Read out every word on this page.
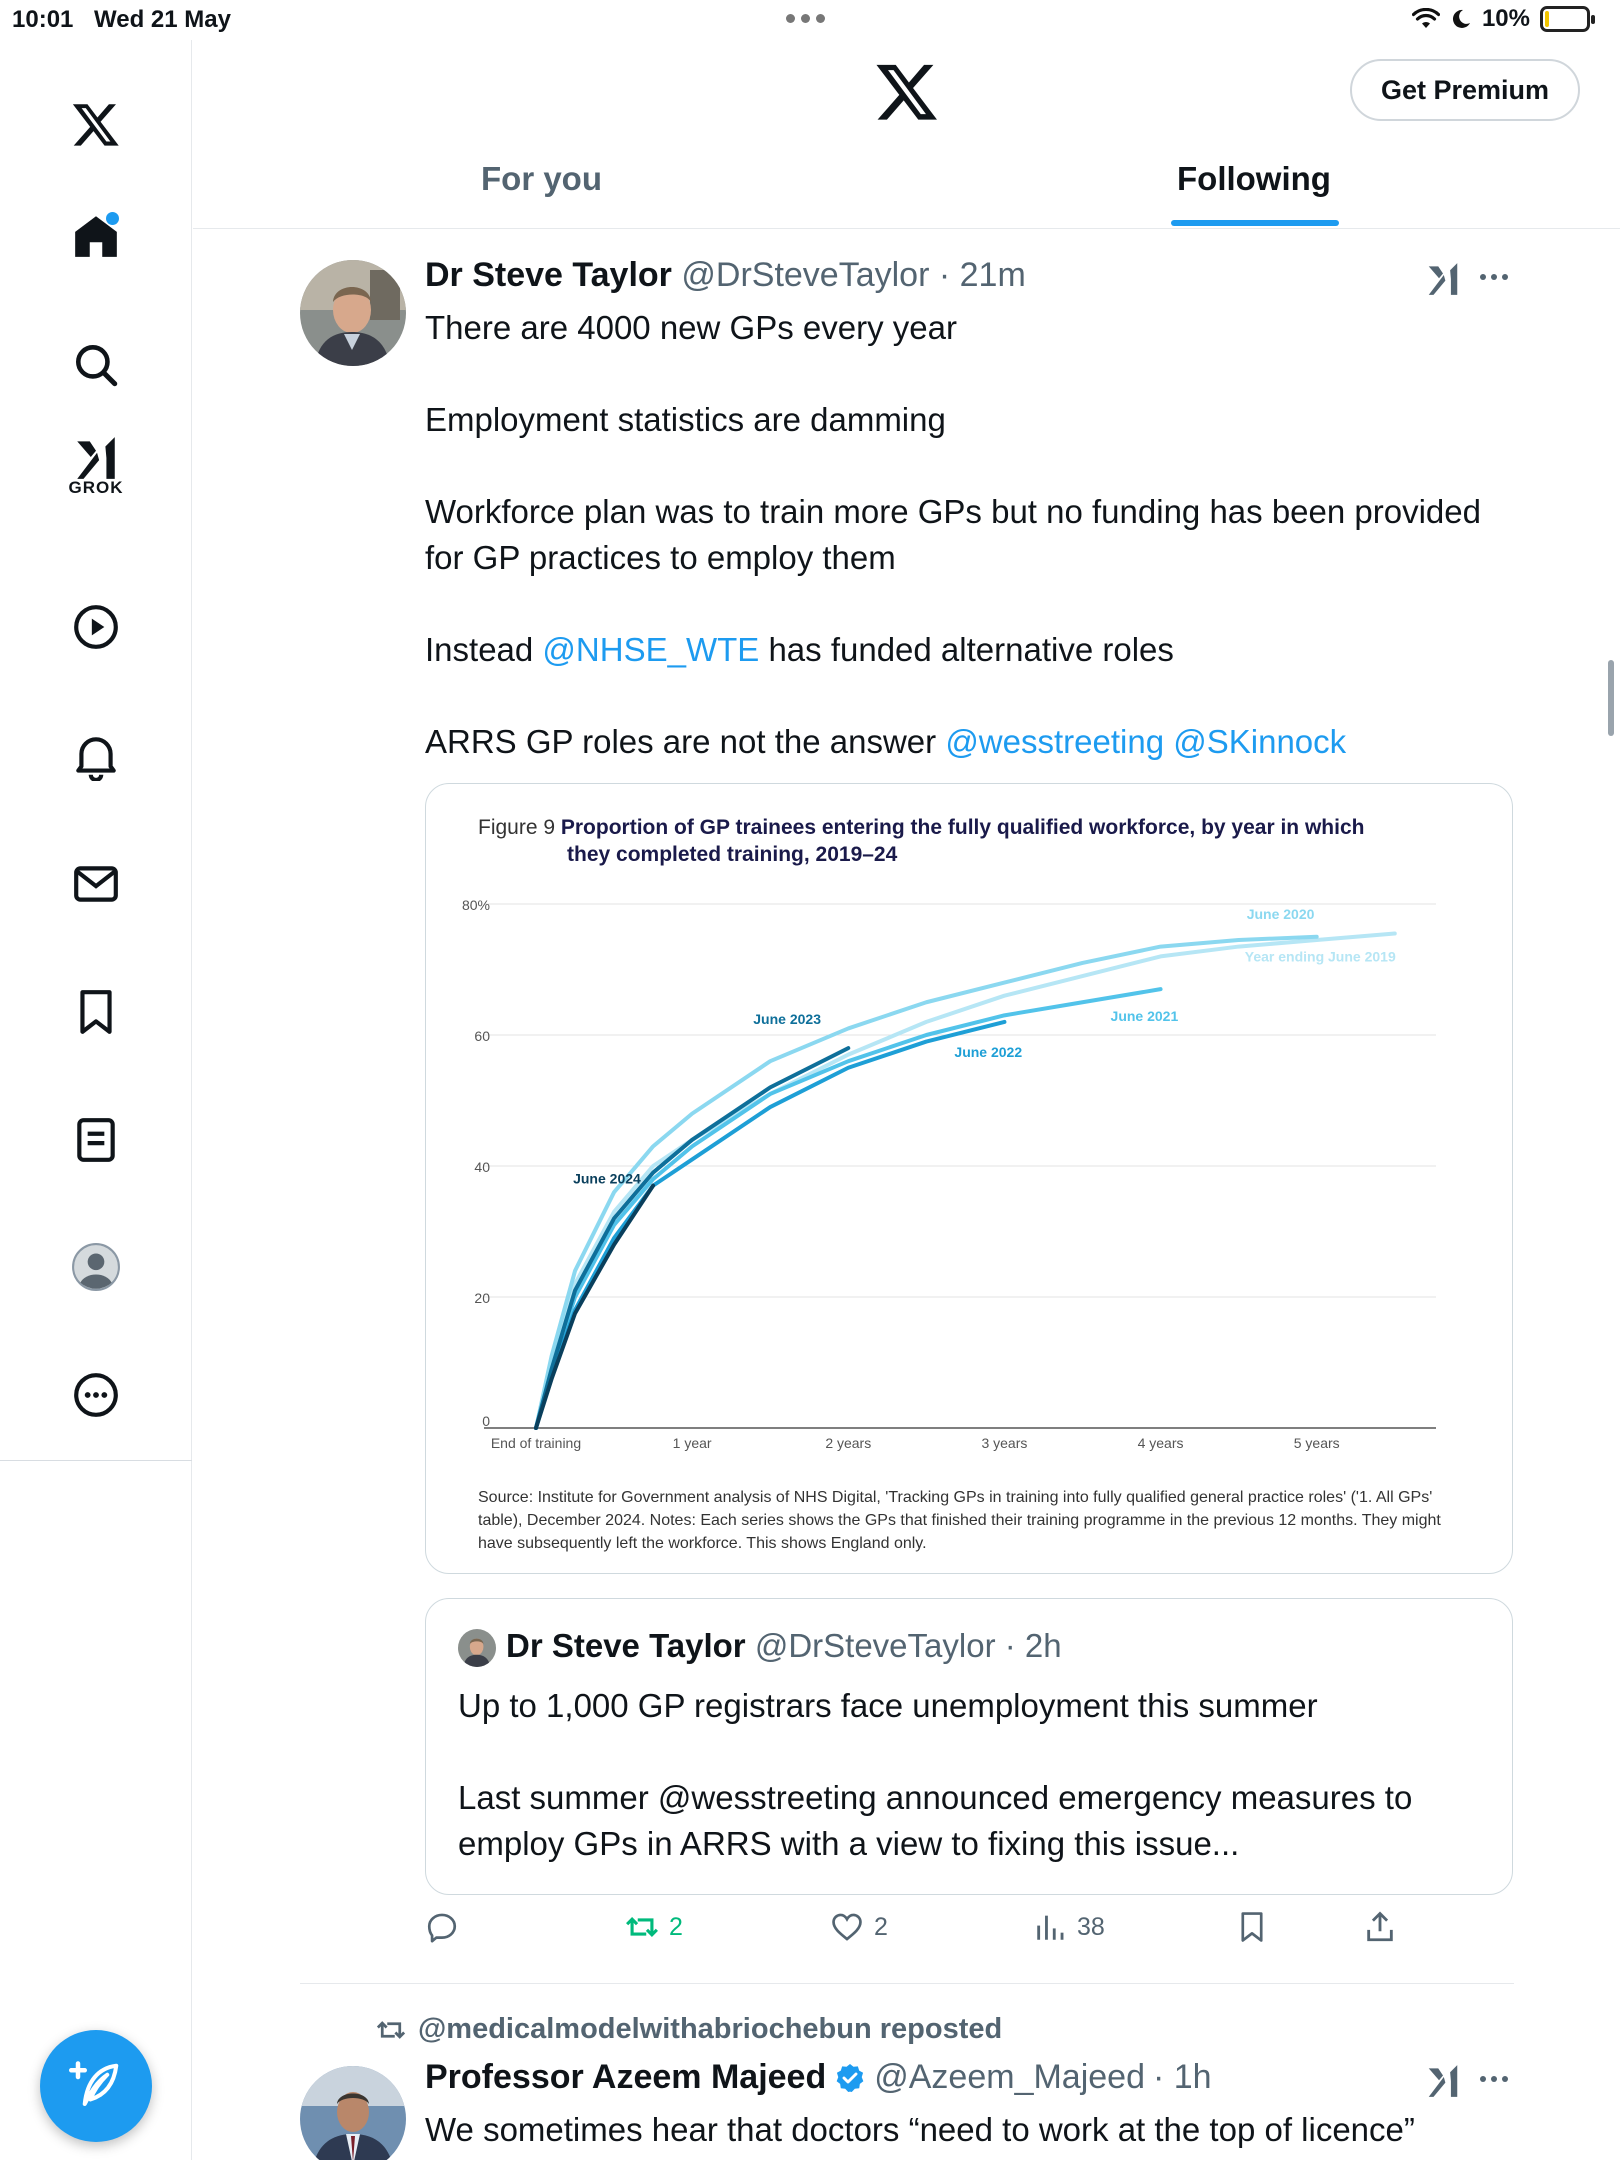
10:01 Wed 21 May	10%
GROK
Get Premium
For you	Following
Dr Steve Taylor @DrSteveTaylor · 21m

There are 4000 new GPs every year

Employment statistics are damming

Workforce plan was to train more GPs but no funding has been provided for GP practices to employ them

Instead @NHSE_WTE has funded alternative roles

ARRS GP roles are not the answer @wesstreeting @SKinnock

Figure 9 Proportion of GP trainees entering the fully qualified workforce, by year in which
they completed training, 2019–24
0
20
40
60
80%
End of training	1 year	2 years	3 years	4 years	5 years
Year ending June 2019
June 2020
June 2021
June 2022
June 2023
June 2024
Source: Institute for Government analysis of NHS Digital, 'Tracking GPs in training into fully qualified general practice roles' ('1. All GPs' table), December 2024. Notes: Each series shows the GPs that finished their training programme in the previous 12 months. They might have subsequently left the workforce. This shows England only.
Dr Steve Taylor @DrSteveTaylor · 2h

Up to 1,000 GP registrars face unemployment this summer

Last summer @wesstreeting announced emergency measures to employ GPs in ARRS with a view to fixing this issue...

2	2	38
@medicalmodelwithabriochebun reposted
Professor Azeem Majeed @Azeem_Majeed · 1h
We sometimes hear that doctors “need to work at the top of licence”
